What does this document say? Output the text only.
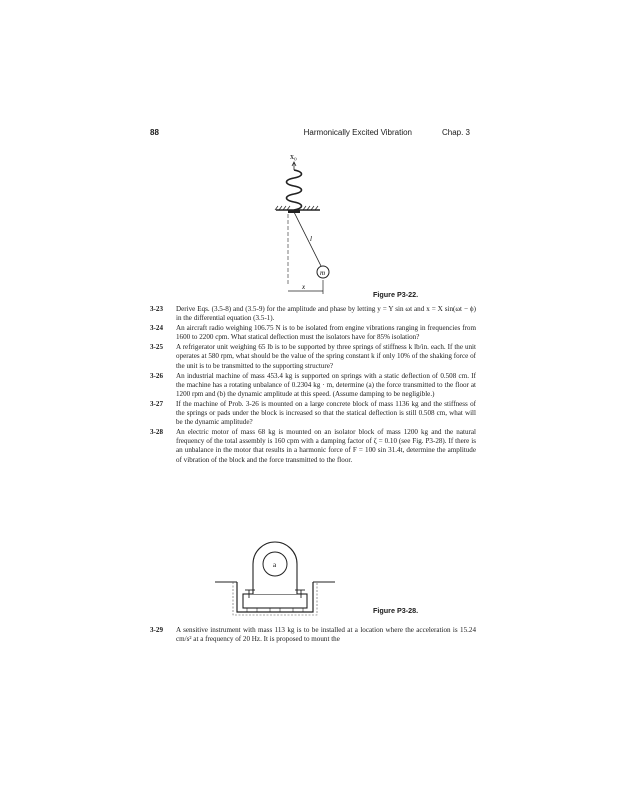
88	Harmonically Excited Vibration	Chap. 3
x₀
l
m
x
Figure P3-22.
3-23 Derive Eqs. (3.5-8) and (3.5-9) for the amplitude and phase by letting y = Y sin ωt and x = X sin(ωt − ϕ) in the differential equation (3.5-1).
3-24 An aircraft radio weighing 106.75 N is to be isolated from engine vibrations ranging in frequencies from 1600 to 2200 cpm. What statical deflection must the isolators have for 85% isolation?
3-25 A refrigerator unit weighing 65 lb is to be supported by three springs of stiffness k lb/in. each. If the unit operates at 580 rpm, what should be the value of the spring constant k if only 10% of the shaking force of the unit is to be transmitted to the supporting structure?
3-26 An industrial machine of mass 453.4 kg is supported on springs with a static deflection of 0.508 cm. If the machine has a rotating unbalance of 0.2304 kg · m, determine (a) the force transmitted to the floor at 1200 rpm and (b) the dynamic amplitude at this speed. (Assume damping to be negligible.)
3-27 If the machine of Prob. 3-26 is mounted on a large concrete block of mass 1136 kg and the stiffness of the springs or pads under the block is increased so that the statical deflection is still 0.508 cm, what will be the dynamic amplitude?
3-28 An electric motor of mass 68 kg is mounted on an isolator block of mass 1200 kg and the natural frequency of the total assembly is 160 cpm with a damping factor of ζ = 0.10 (see Fig. P3-28). If there is an unbalance in the motor that results in a harmonic force of F = 100 sin 31.4t, determine the amplitude of vibration of the block and the force transmitted to the floor.
a
Figure P3-28.
3-29 A sensitive instrument with mass 113 kg is to be installed at a location where the acceleration is 15.24 cm/s² at a frequency of 20 Hz. It is proposed to mount the
